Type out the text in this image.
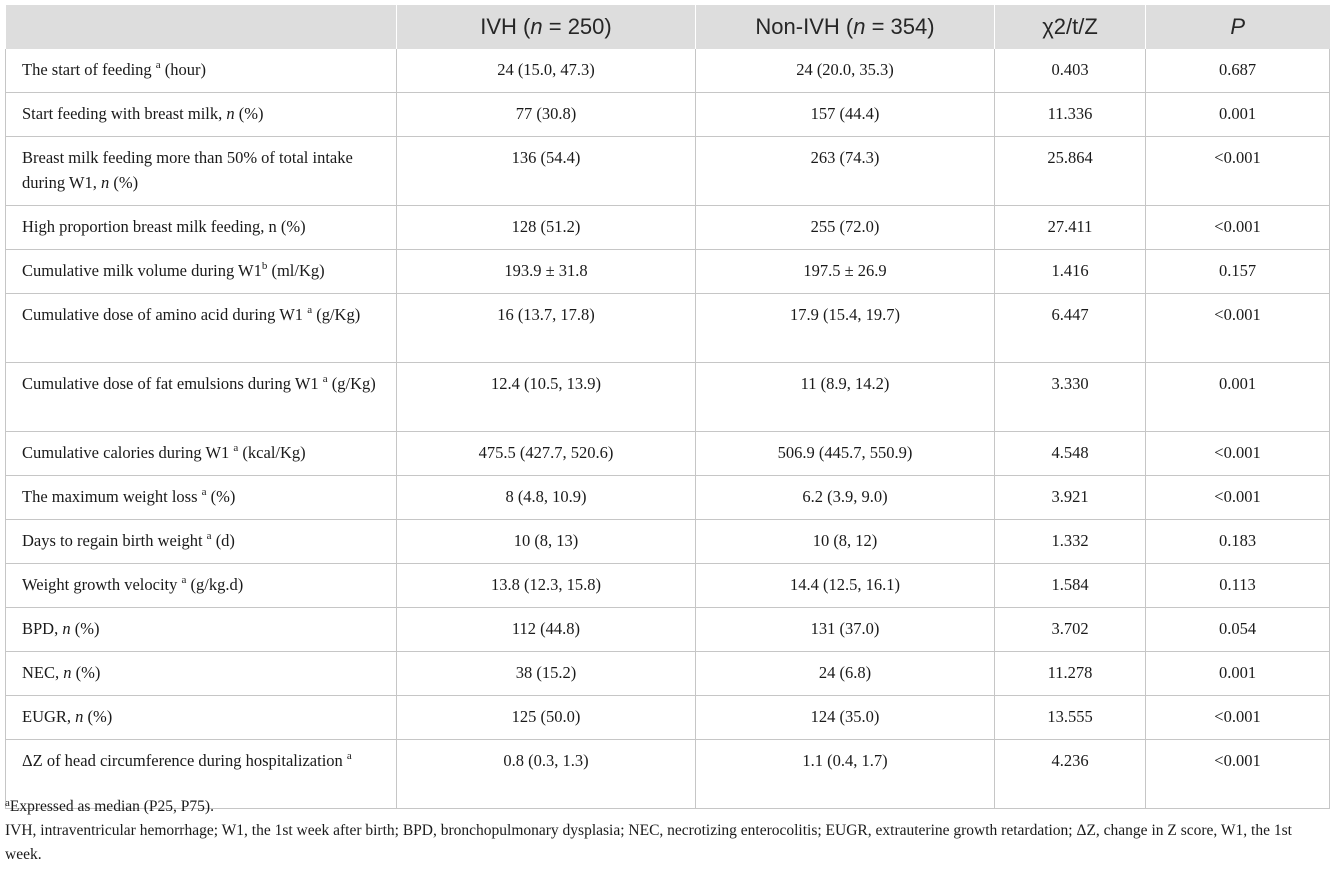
	IVH (n = 250)	Non-IVH (n = 354)	χ2/t/Z	P
The start of feeding $^a$ (hour)	24 (15.0, 47.3)	24 (20.0, 35.3)	0.403	0.687
Start feeding with breast milk, n (%)	77 (30.8)	157 (44.4)	11.336	0.001
Breast milk feeding more than 50% of total intake during W1, n (%)	136 (54.4)	263 (74.3)	25.864	<0.001
High proportion breast milk feeding, n (%)	128 (51.2)	255 (72.0)	27.411	<0.001
Cumulative milk volume during W1$^b$ (ml/Kg)	193.9 ± 31.8	197.5 ± 26.9	1.416	0.157
Cumulative dose of amino acid during W1 $^a$ (g/Kg)	16 (13.7, 17.8)	17.9 (15.4, 19.7)	6.447	<0.001
Cumulative dose of fat emulsions during W1 $^a$ (g/Kg)	12.4 (10.5, 13.9)	11 (8.9, 14.2)	3.330	0.001
Cumulative calories during W1 $^a$ (kcal/Kg)	475.5 (427.7, 520.6)	506.9 (445.7, 550.9)	4.548	<0.001
The maximum weight loss $^a$ (%)	8 (4.8, 10.9)	6.2 (3.9, 9.0)	3.921	<0.001
Days to regain birth weight $^a$ (d)	10 (8, 13)	10 (8, 12)	1.332	0.183
Weight growth velocity $^a$ (g/kg.d)	13.8 (12.3, 15.8)	14.4 (12.5, 16.1)	1.584	0.113
BPD, n (%)	112 (44.8)	131 (37.0)	3.702	0.054
NEC, n (%)	38 (15.2)	24 (6.8)	11.278	0.001
EUGR, n (%)	125 (50.0)	124 (35.0)	13.555	<0.001
ΔZ of head circumference during hospitalization $^a$	0.8 (0.3, 1.3)	1.1 (0.4, 1.7)	4.236	<0.001

$^a$Expressed as median (P25, P75).

IVH, intraventricular hemorrhage; W1, the 1st week after birth; BPD, bronchopulmonary dysplasia; NEC, necrotizing enterocolitis; EUGR, extrauterine growth retardation; ΔZ, change in Z score, W1, the 1st week.
